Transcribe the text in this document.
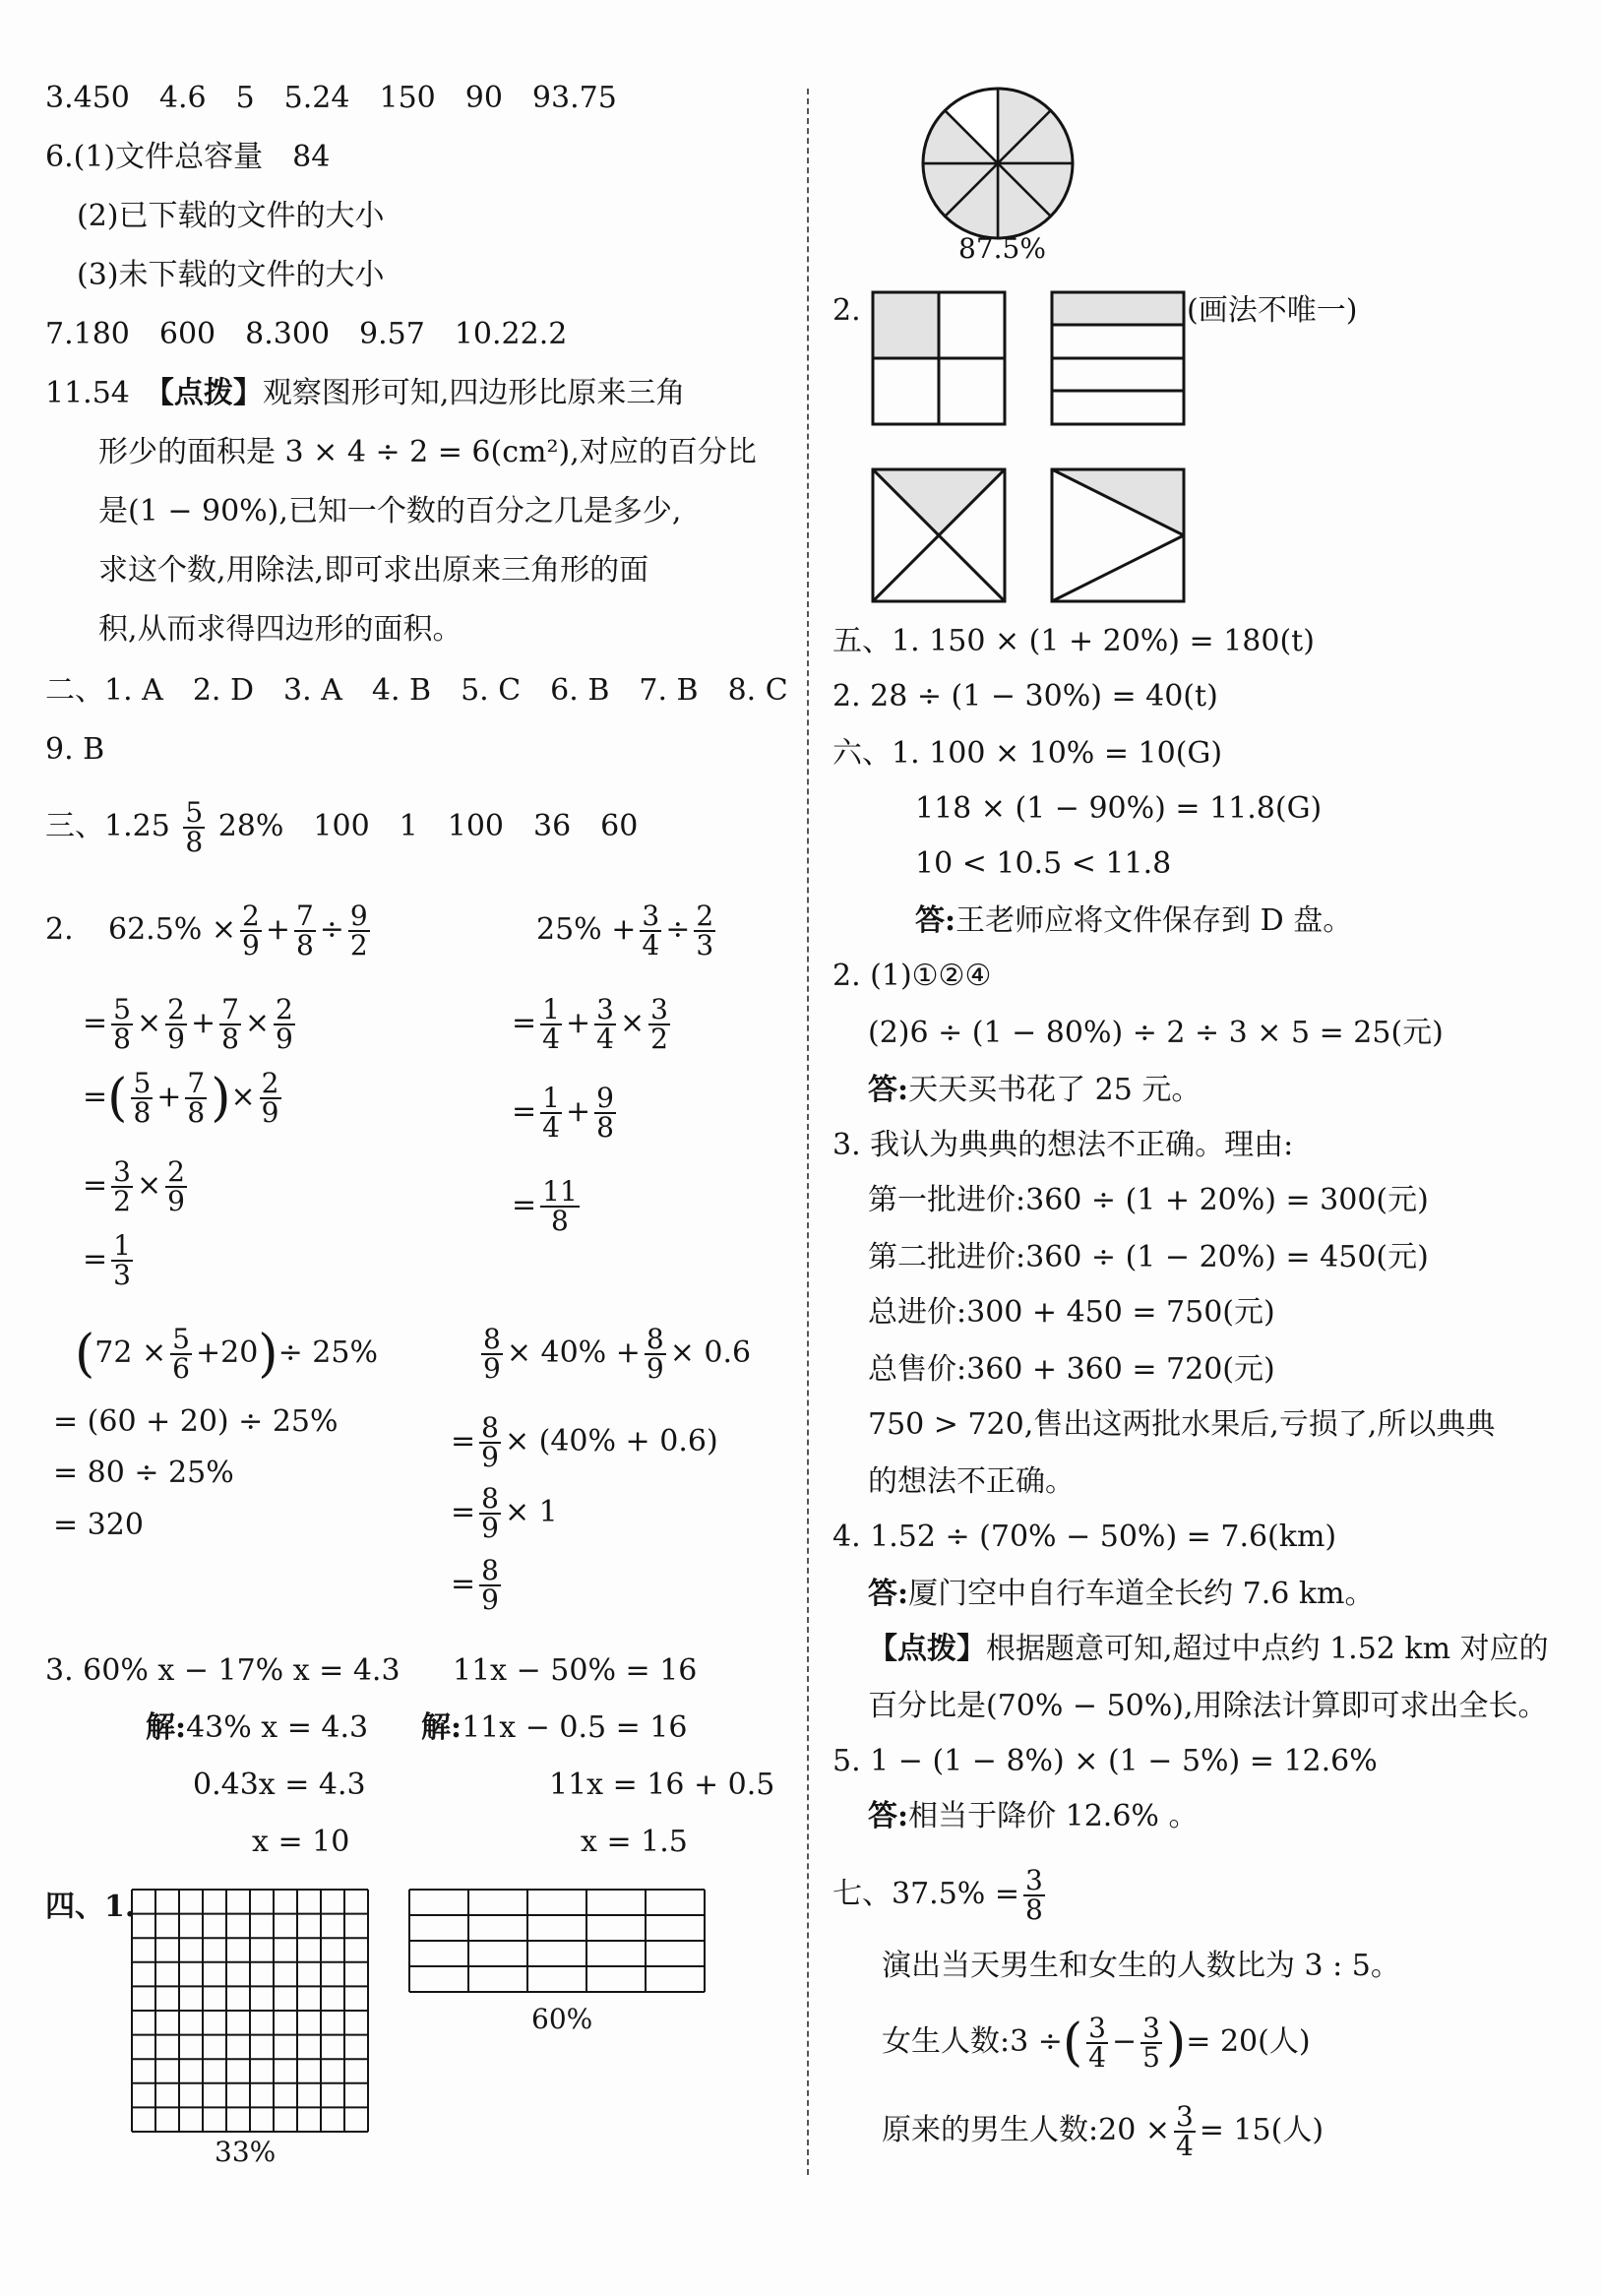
3.450　4.6　5　5.24　150　90　93.75
6.(1)文件总容量　84
(2)已下载的文件的大小
(3)未下载的文件的大小
7.180　600　8.300　9.57　10.22.2
11.54　【点拨】观察图形可知,四边形比原来三角
形少的面积是 3 × 4 ÷ 2 = 6(cm²),对应的百分比
是(1 − 90%),已知一个数的百分之几是多少,
求这个数,用除法,即可求出原来三角形的面
积,从而求得四边形的面积。
二、1. A　2. D　3. A　4. B　5. C　6. B　7. B　8. C
9. B
三、$1.25 \frac{5}{8} 28\%$　100　1　100　36　60
2. $62.5\% \times \frac{2}{9} + \frac{7}{8} \div \frac{9}{2}$
= $\frac{5}{8} \times \frac{2}{9} + \frac{7}{8} \times \frac{2}{9}$
=( $\frac{5}{8} + \frac{7}{8}$ )× $\frac{2}{9}$
= $\frac{3}{2} \times \frac{2}{9}$
= $\frac{1}{3}$
$25\% + \frac{3}{4} \div \frac{2}{3}$
= $\frac{1}{4} + \frac{3}{4} \times \frac{3}{2}$
= $\frac{1}{4} + \frac{9}{8}$
= $\frac{11}{8}$
$(72 \times \frac{5}{6} +20)\div 25\%$
= (60 + 20) ÷ 25%
= 80 ÷ 25%
= 320
$\frac{8}{9} \times 40\% + \frac{8}{9} \times 0.6$
= $\frac{8}{9} \times (40\% + 0.6)$
= $\frac{8}{9} \times 1$
= $\frac{8}{9}$
3. 60% x − 17% x = 4.3
解:43% x = 4.3
0.43x = 4.3
x = 10
11x − 50% = 16
解:11x − 0.5 = 16
11x = 16 + 0.5
x = 1.5
四、1.
33%
60%
87.5%
2.	(画法不唯一)
五、1. 150 × (1 + 20%) = 180(t)
2. 28 ÷ (1 − 30%) = 40(t)
六、1. 100 × 10% = 10(G)
118 × (1 − 90%) = 11.8(G)
10 < 10.5 < 11.8
答:王老师应将文件保存到 D 盘。
2. (1)①②④
(2)6 ÷ (1 − 80%) ÷ 2 ÷ 3 × 5 = 25(元)
答:天天买书花了 25 元。
3. 我认为典典的想法不正确。理由:
第一批进价:360 ÷ (1 + 20%) = 300(元)
第二批进价:360 ÷ (1 − 20%) = 450(元)
总进价:300 + 450 = 750(元)
总售价:360 + 360 = 720(元)
750 > 720,售出这两批水果后,亏损了,所以典典
的想法不正确。
4. 1.52 ÷ (70% − 50%) = 7.6(km)
答:厦门空中自行车道全长约 7.6 km。
【点拨】根据题意可知,超过中点约 1.52 km 对应的
百分比是(70% − 50%),用除法计算即可求出全长。
5. 1 − (1 − 8%) × (1 − 5%) = 12.6%
答:相当于降价 12.6% 。
七、$37.5\% = \frac{3}{8}$
演出当天男生和女生的人数比为 3 : 5。
女生人数:3 ÷( $\frac{3}{4} - \frac{3}{5}$ )= 20(人)
原来的男生人数:20 × $\frac{3}{4} = 15$(人)
